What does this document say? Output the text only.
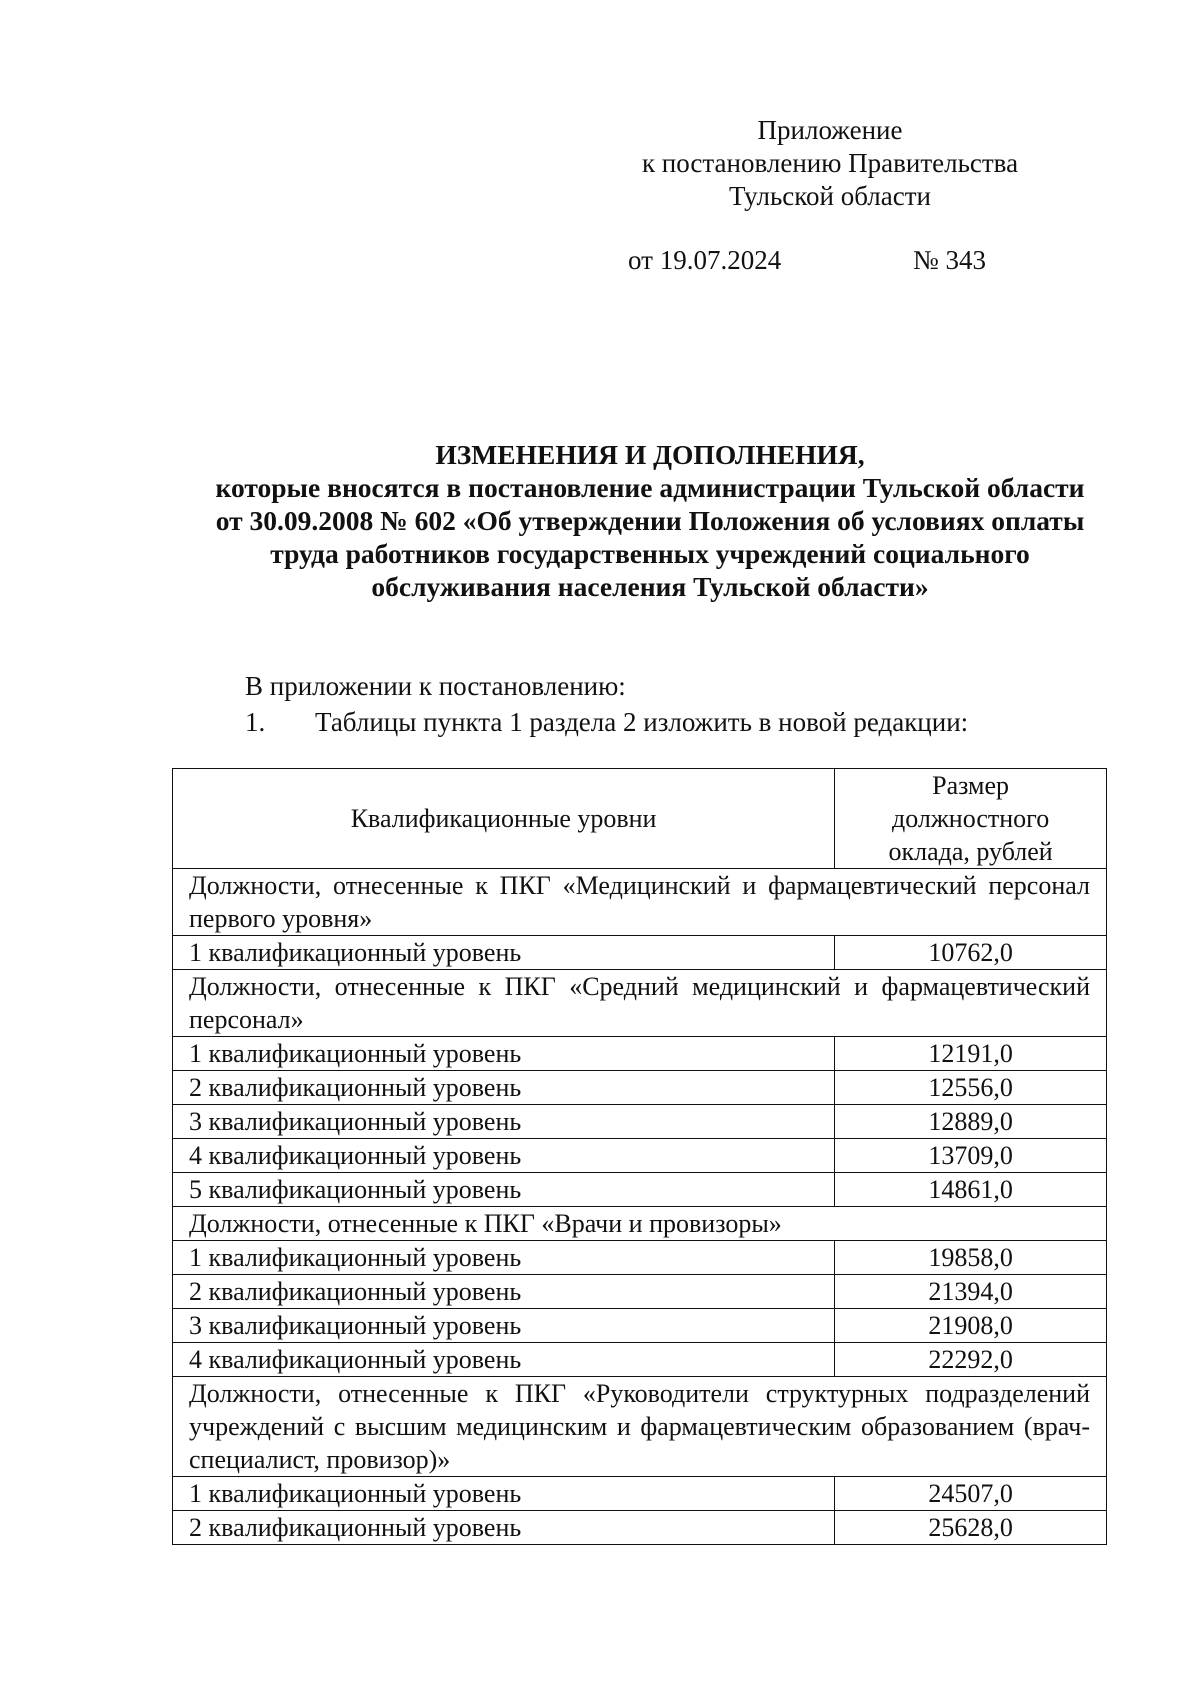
Приложение
к постановлению Правительства
Тульской области
от 19.07.2024	№ 343
ИЗМЕНЕНИЯ И ДОПОЛНЕНИЯ,
которые вносятся в постановление администрации Тульской области
от 30.09.2008 № 602 «Об утверждении Положения об условиях оплаты
труда работников государственных учреждений социального
обслуживания населения Тульской области»
В приложении к постановлению:
1. Таблицы пункта 1 раздела 2 изложить в новой редакции:
Квалификационные уровни	Размер должностного оклада, рублей
Должности, отнесенные к ПКГ «Медицинский и фармацевтический персонал первого уровня»	
1 квалификационный уровень	10762,0
Должности, отнесенные к ПКГ «Средний медицинский и фармацевтический персонал»	
1 квалификационный уровень	12191,0
2 квалификационный уровень	12556,0
3 квалификационный уровень	12889,0
4 квалификационный уровень	13709,0
5 квалификационный уровень	14861,0
Должности, отнесенные к ПКГ «Врачи и провизоры»	
1 квалификационный уровень	19858,0
2 квалификационный уровень	21394,0
3 квалификационный уровень	21908,0
4 квалификационный уровень	22292,0
Должности, отнесенные к ПКГ «Руководители структурных подразделений учреждений с высшим медицинским и фармацевтическим образованием (врач-специалист, провизор)»	
1 квалификационный уровень	24507,0
2 квалификационный уровень	25628,0
